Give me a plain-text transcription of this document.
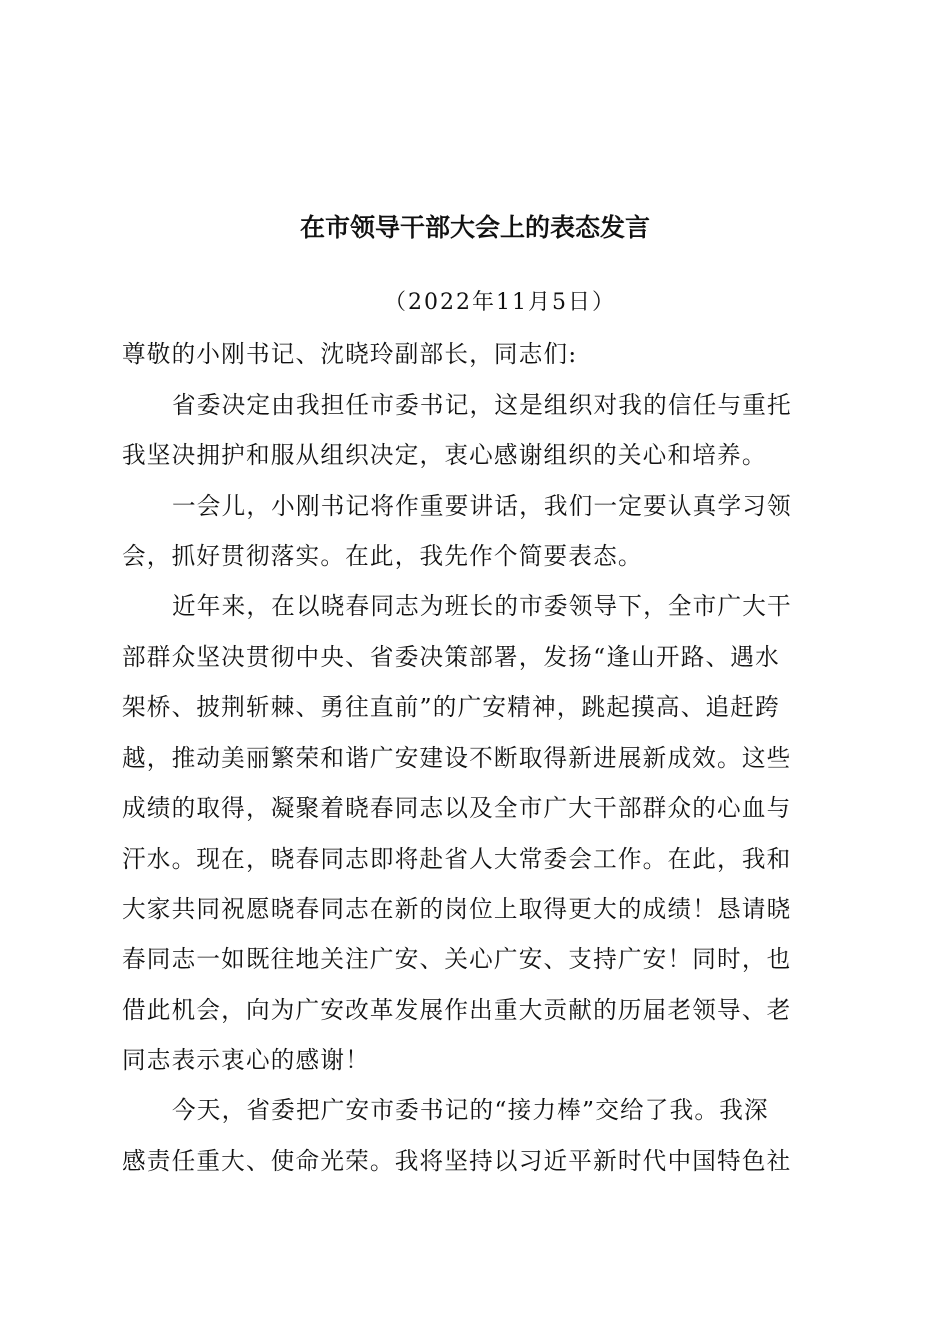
在市领导干部大会上的表态发言
（2022年11月5日）
尊敬的小刚书记、沈晓玲副部长，同志们:
省委决定由我担任市委书记，这是组织对我的信任与重托
我坚决拥护和服从组织决定，衷心感谢组织的关心和培养。
一会儿，小刚书记将作重要讲话，我们一定要认真学习领
会，抓好贯彻落实。在此，我先作个简要表态。
近年来，在以晓春同志为班长的市委领导下，全市广大干
部群众坚决贯彻中央、省委决策部署，发扬“逢山开路、遇水
架桥、披荆斩棘、勇往直前”的广安精神，跳起摸高、追赶跨
越，推动美丽繁荣和谐广安建设不断取得新进展新成效。这些
成绩的取得，凝聚着晓春同志以及全市广大干部群众的心血与
汗水。现在，晓春同志即将赴省人大常委会工作。在此，我和
大家共同祝愿晓春同志在新的岗位上取得更大的成绩！恳请晓
春同志一如既往地关注广安、关心广安、支持广安！同时，也
借此机会，向为广安改革发展作出重大贡献的历届老领导、老
同志表示衷心的感谢！
今天，省委把广安市委书记的“接力棒”交给了我。我深
感责任重大、使命光荣。我将坚持以习近平新时代中国特色社
